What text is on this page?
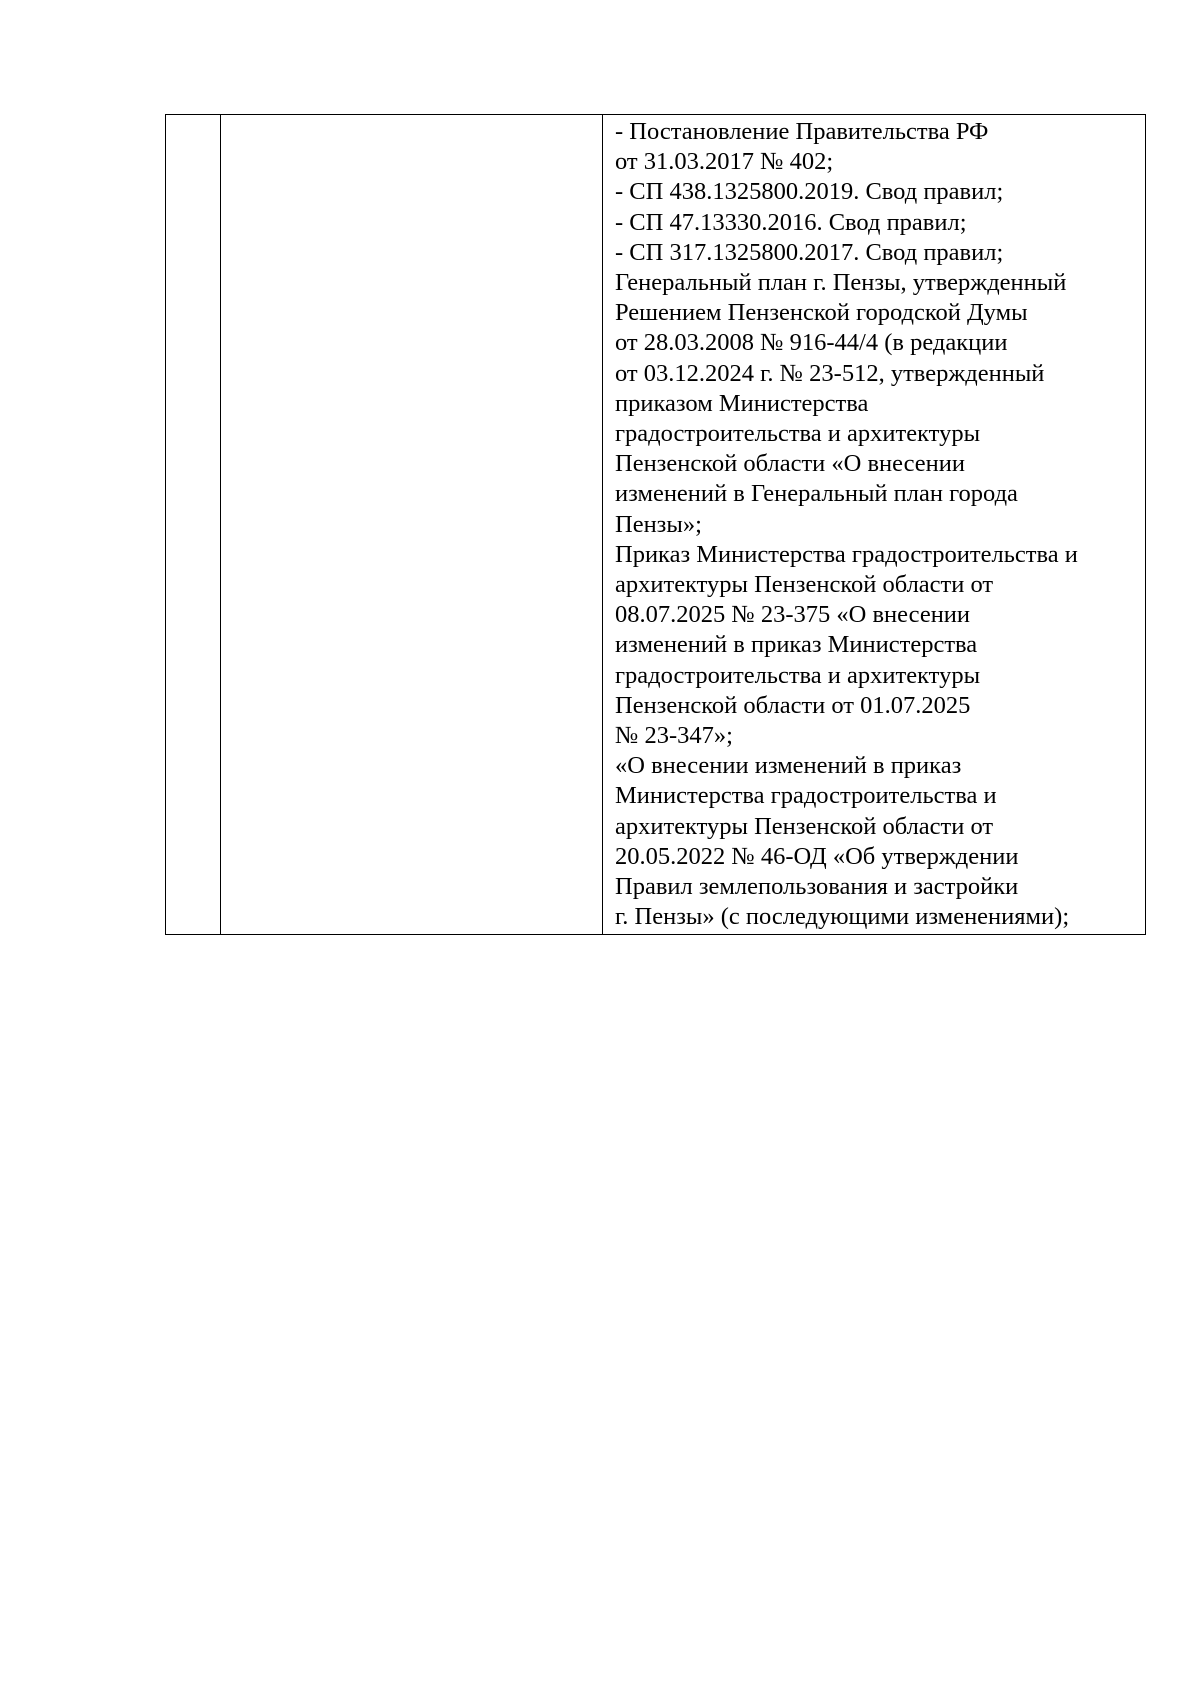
- Постановление Правительства РФ
от 31.03.2017 № 402;
- СП 438.1325800.2019. Свод правил;
- СП 47.13330.2016. Свод правил;
- СП 317.1325800.2017. Свод правил;
Генеральный план г. Пензы, утвержденный
Решением Пензенской городской Думы
от 28.03.2008 № 916-44/4 (в редакции
от 03.12.2024 г. № 23-512, утвержденный
приказом Министерства
градостроительства и архитектуры
Пензенской области «О внесении
изменений в Генеральный план города
Пензы»;
Приказ Министерства градостроительства и
архитектуры Пензенской области от
08.07.2025 № 23-375 «О внесении
изменений в приказ Министерства
градостроительства и архитектуры
Пензенской области от 01.07.2025
№ 23-347»;
«О внесении изменений в приказ
Министерства градостроительства и
архитектуры Пензенской области от
20.05.2022 № 46-ОД «Об утверждении
Правил землепользования и застройки
г. Пензы» (с последующими изменениями);
